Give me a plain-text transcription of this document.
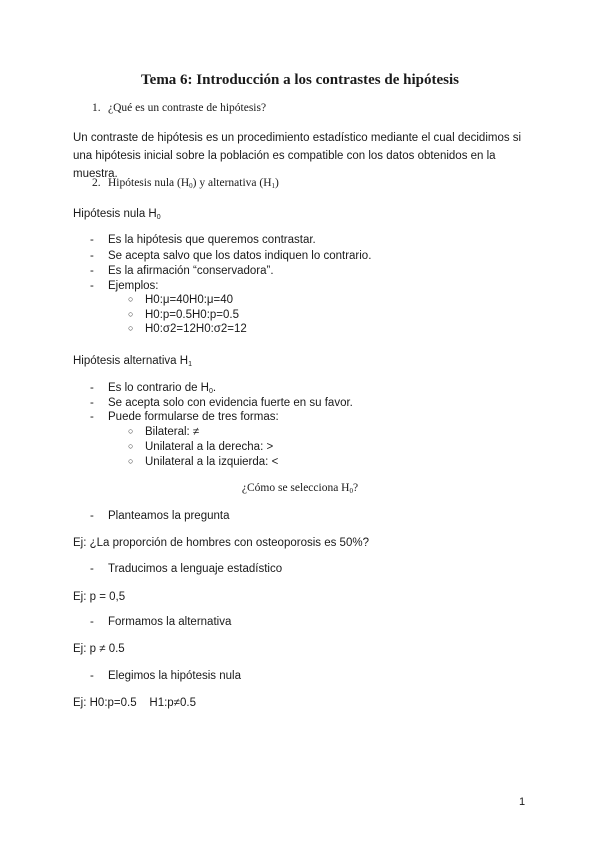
Tema 6: Introducción a los contrastes de hipótesis
1. ¿Qué es un contraste de hipótesis?
Un contraste de hipótesis es un procedimiento estadístico mediante el cual decidimos si una hipótesis inicial sobre la población es compatible con los datos obtenidos en la muestra.
2. Hipótesis nula $(H_0)$ y alternativa $(H_1)$
Hipótesis nula $H_0$
- Es la hipótesis que queremos contrastar.
- Se acepta salvo que los datos indiquen lo contrario.
- Es la afirmación “conservadora”.
- Ejemplos:
○ H0:μ=40H0:μ=40
○ H0:p=0.5H0:p=0.5
○ H0:σ2=12H0:σ2=12
Hipótesis alternativa $H_1$
- Es lo contrario de $H_0$.
- Se acepta solo con evidencia fuerte en su favor.
- Puede formularse de tres formas:
○ Bilateral: ≠
○ Unilateral a la derecha: >
○ Unilateral a la izquierda: <
¿Cómo se selecciona $H_0$?
- Planteamos la pregunta
Ej: ¿La proporción de hombres con osteoporosis es 50%?
- Traducimos a lenguaje estadístico
Ej: p = 0,5
- Formamos la alternativa
Ej: p ≠ 0.5
- Elegimos la hipótesis nula
Ej: H0:p=0.5    H1:p≠0.5
1
